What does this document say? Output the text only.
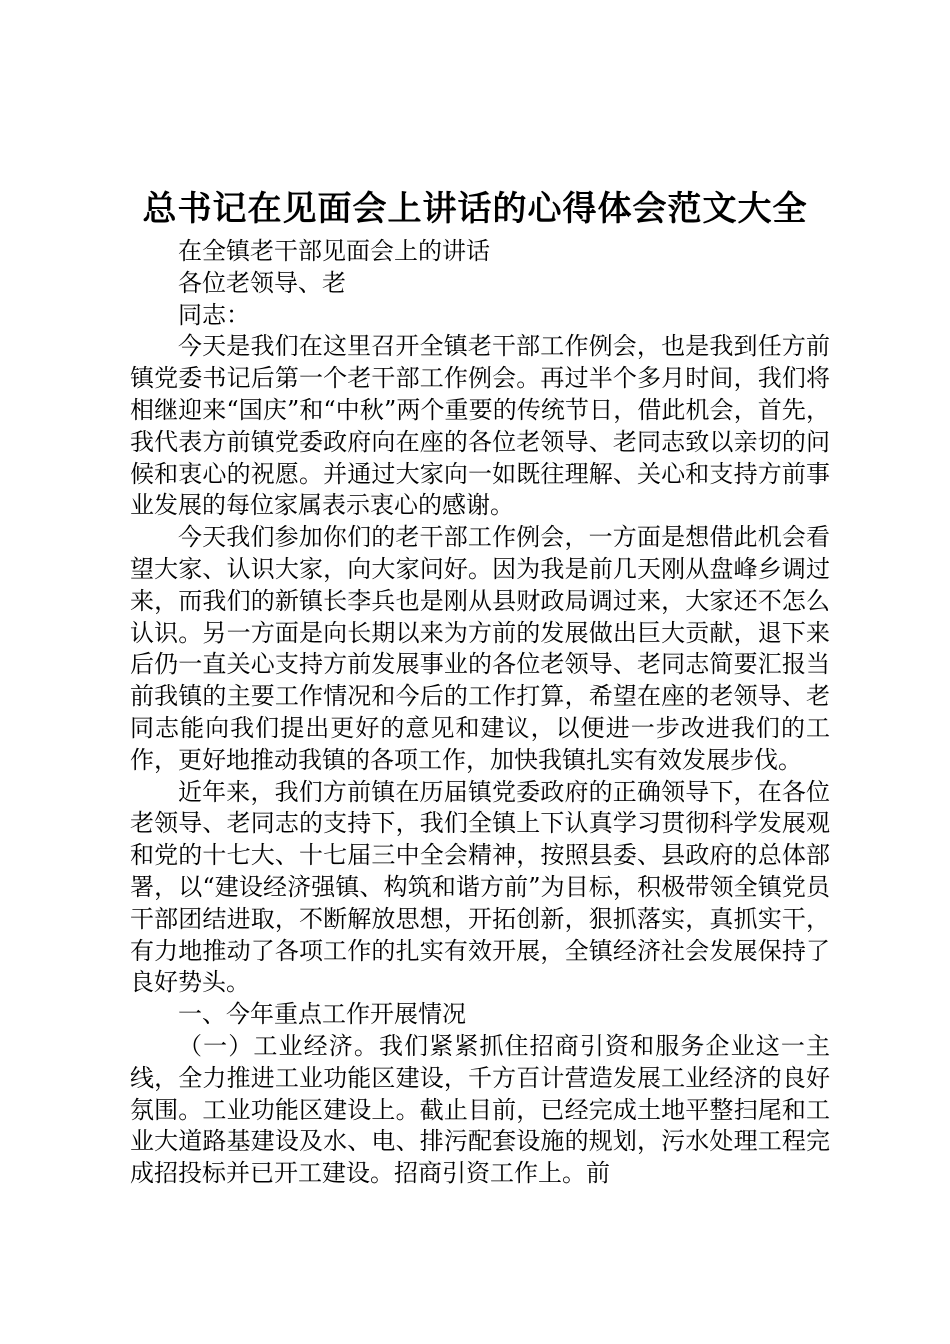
总书记在见面会上讲话的心得体会范文大全

在全镇老干部见面会上的讲话

各位老领导、老

同志：

今天是我们在这里召开全镇老干部工作例会，也是我到任方前镇党委书记后第一个老干部工作例会。再过半个多月时间，我们将相继迎来“国庆”和“中秋”两个重要的传统节日，借此机会，首先，我代表方前镇党委政府向在座的各位老领导、老同志致以亲切的问候和衷心的祝愿。并通过大家向一如既往理解、关心和支持方前事业发展的每位家属表示衷心的感谢。

今天我们参加你们的老干部工作例会，一方面是想借此机会看望大家、认识大家，向大家问好。因为我是前几天刚从盘峰乡调过来，而我们的新镇长李兵也是刚从县财政局调过来，大家还不怎么认识。另一方面是向长期以来为方前的发展做出巨大贡献，退下来后仍一直关心支持方前发展事业的各位老领导、老同志简要汇报当前我镇的主要工作情况和今后的工作打算，希望在座的老领导、老同志能向我们提出更好的意见和建议，以便进一步改进我们的工作，更好地推动我镇的各项工作，加快我镇扎实有效发展步伐。

近年来，我们方前镇在历届镇党委政府的正确领导下，在各位老领导、老同志的支持下，我们全镇上下认真学习贯彻科学发展观和党的十七大、十七届三中全会精神，按照县委、县政府的总体部署，以“建设经济强镇、构筑和谐方前”为目标，积极带领全镇党员干部团结进取，不断解放思想，开拓创新，狠抓落实，真抓实干，有力地推动了各项工作的扎实有效开展，全镇经济社会发展保持了良好势头。

一、今年重点工作开展情况

（一）工业经济。我们紧紧抓住招商引资和服务企业这一主线，全力推进工业功能区建设，千方百计营造发展工业经济的良好氛围。工业功能区建设上。截止目前，已经完成土地平整扫尾和工业大道路基建设及水、电、排污配套设施的规划，污水处理工程完成招投标并已开工建设。招商引资工作上。前
